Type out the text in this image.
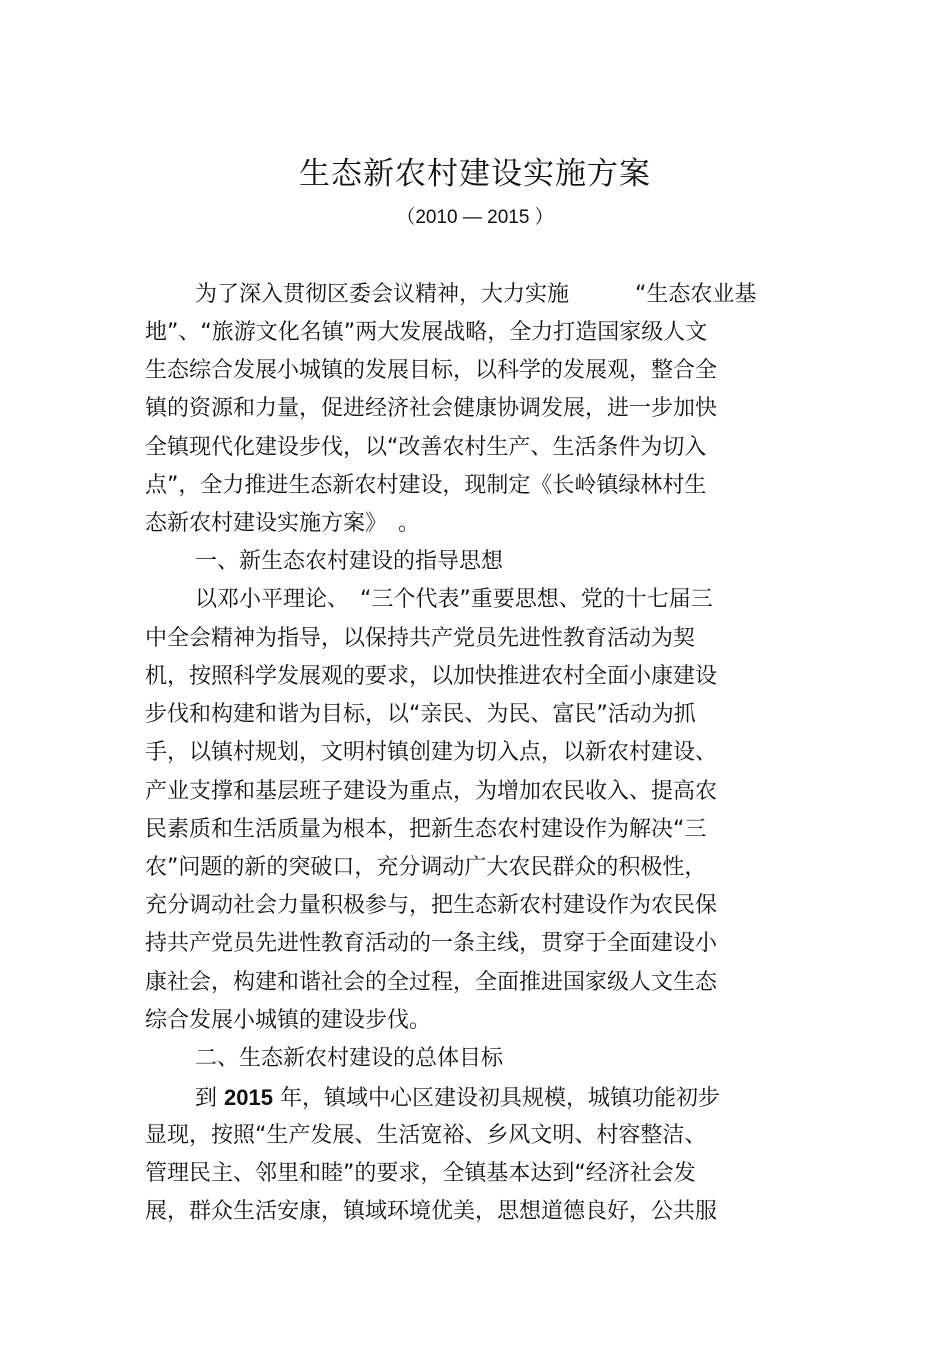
生态新农村建设实施方案
（2010 — 2015 ）
为了深入贯彻区委会议精神，大力实施　　　“生态农业基
地”、“旅游文化名镇”两大发展战略，全力打造国家级人文
生态综合发展小城镇的发展目标，以科学的发展观，整合全
镇的资源和力量，促进经济社会健康协调发展，进一步加快
全镇现代化建设步伐，以“改善农村生产、生活条件为切入
点”，全力推进生态新农村建设，现制定《长岭镇绿林村生
态新农村建设实施方案》　。
一、新生态农村建设的指导思想
以邓小平理论、　“三个代表”重要思想、党的十七届三
中全会精神为指导，以保持共产党员先进性教育活动为契
机，按照科学发展观的要求，以加快推进农村全面小康建设
步伐和构建和谐为目标，以“亲民、为民、富民”活动为抓
手，以镇村规划，文明村镇创建为切入点，以新农村建设、
产业支撑和基层班子建设为重点，为增加农民收入、提高农
民素质和生活质量为根本，把新生态农村建设作为解决“三
农”问题的新的突破口，充分调动广大农民群众的积极性，
充分调动社会力量积极参与，把生态新农村建设作为农民保
持共产党员先进性教育活动的一条主线，贯穿于全面建设小
康社会，构建和谐社会的全过程，全面推进国家级人文生态
综合发展小城镇的建设步伐。
二、生态新农村建设的总体目标
到 2015 年，镇域中心区建设初具规模，城镇功能初步
显现，按照“生产发展、生活宽裕、乡风文明、村容整洁、
管理民主、邻里和睦”的要求，全镇基本达到“经济社会发
展，群众生活安康，镇域环境优美，思想道德良好，公共服
